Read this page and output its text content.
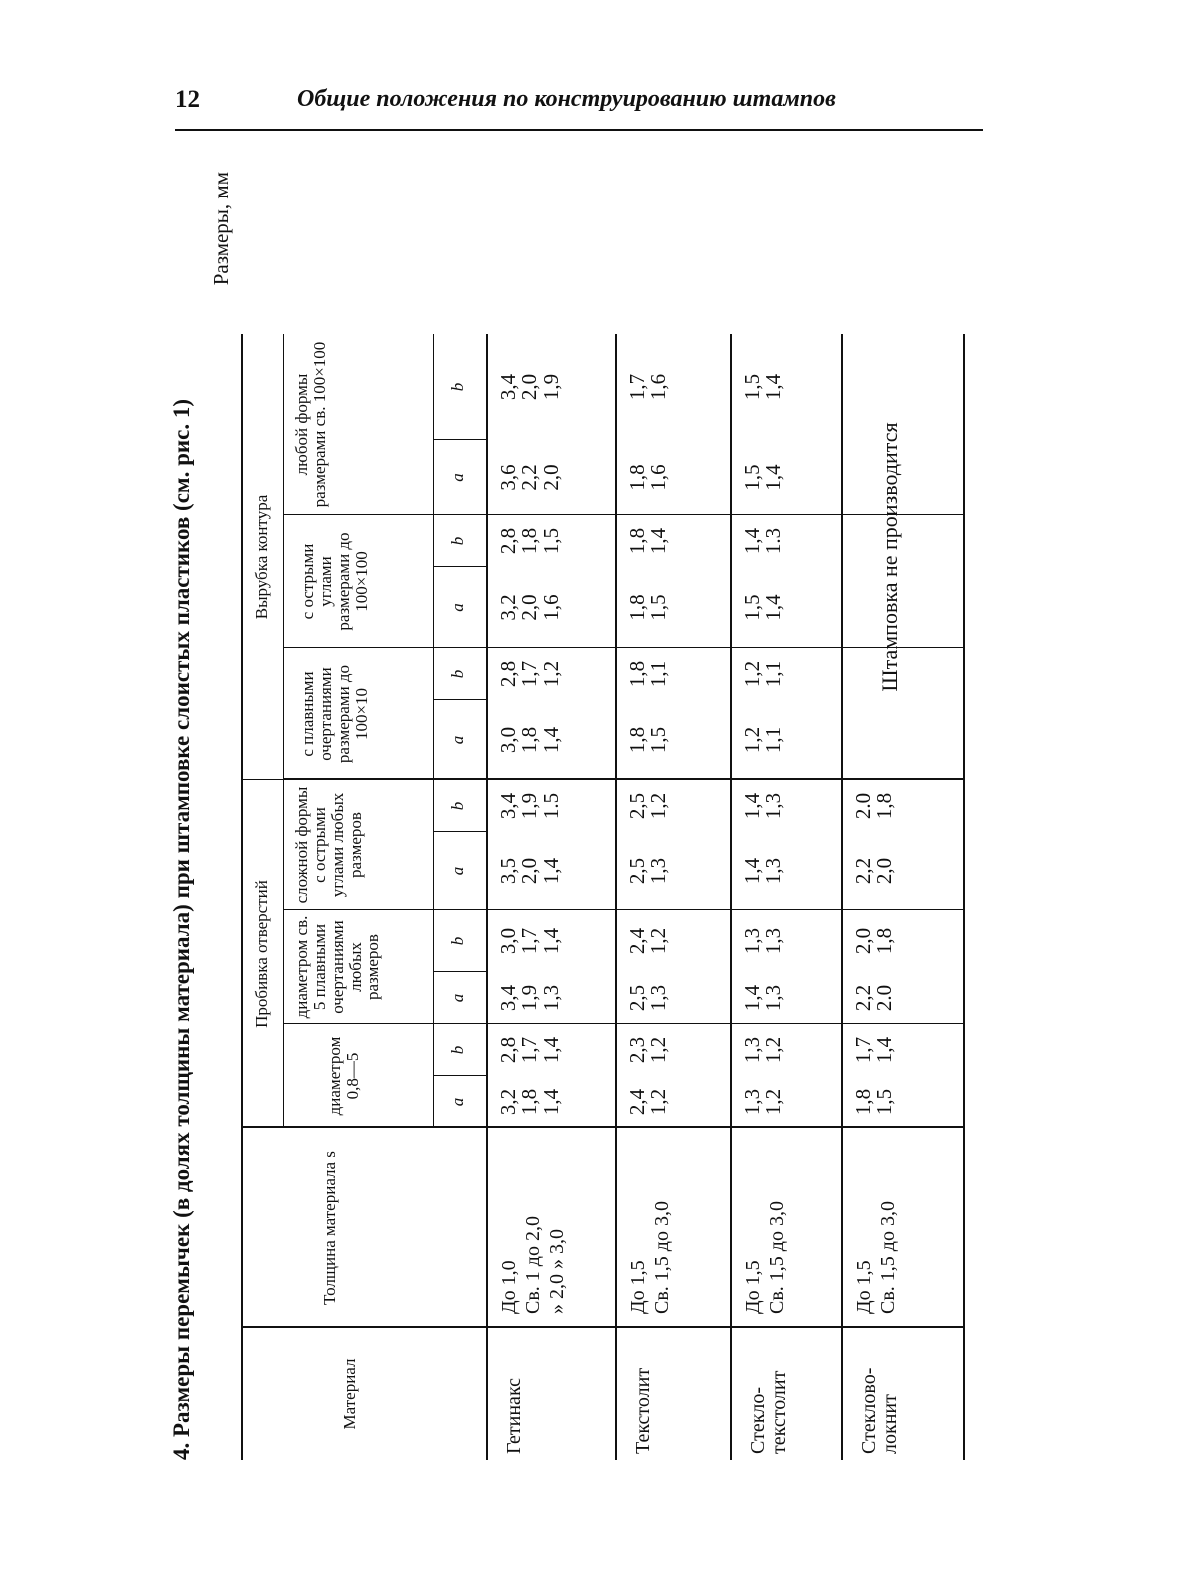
12	Общие положения по конструированию штампов
4. Размеры перемычек (в долях толщины материала) при штамповке слоистых пластиков (см. рис. 1)
Размеры, мм
Материал
Толщина материала s
Пробивка отверстий
Вырубка контура
диаметром 0,8—5
диаметром св. 5 плавными очертаниями любых размеров
сложной формы с острыми углами любых размеров
с плавными очертаниями размерами до 100×10
с острыми углами размерами до 100×100
любой формы размерами св. 100×100
a
b
a
b
a
b
a
b
a
b
a
b
Гетинакс
До 1,0 Св. 1 до 2,0 » 2,0 » 3,0
3,2
1,8
1,4
2,8
1,7
1,4
3,4
1,9
1,3
3,0
1,7
1,4
3,5
2,0
1,4
3,4
1,9
1.5
3,0
1,8
1,4
2,8
1,7
1,2
3,2
2,0
1,6
2,8
1,8
1,5
3,6
2,2
2,0
3,4
2,0
1,9
Текстолит
До 1,5 Св. 1,5 до 3,0
2,4
1,2
2,3
1,2
2,5
1,3
2,4
1,2
2,5
1,3
2,5
1,2
1,8
1,5
1,8
1,1
1,8
1,5
1,8
1,4
1,8
1,6
1,7
1,6
Стекло-
текстолит
До 1,5 Св. 1,5 до 3,0
1,3
1,2
1,3
1,2
1,4
1,3
1,3
1,3
1,4
1,3
1,4
1,3
1,2
1,1
1,2
1,1
1,5
1,4
1,4
1.3
1,5
1,4
1,5
1,4
Стеклово-
локнит
До 1,5 Св. 1,5 до 3,0
1,8
1,5
1,7
1,4
2,2
2.0
2,0
1,8
2,2
2,0
2.0
1,8
Штамповка не производится
